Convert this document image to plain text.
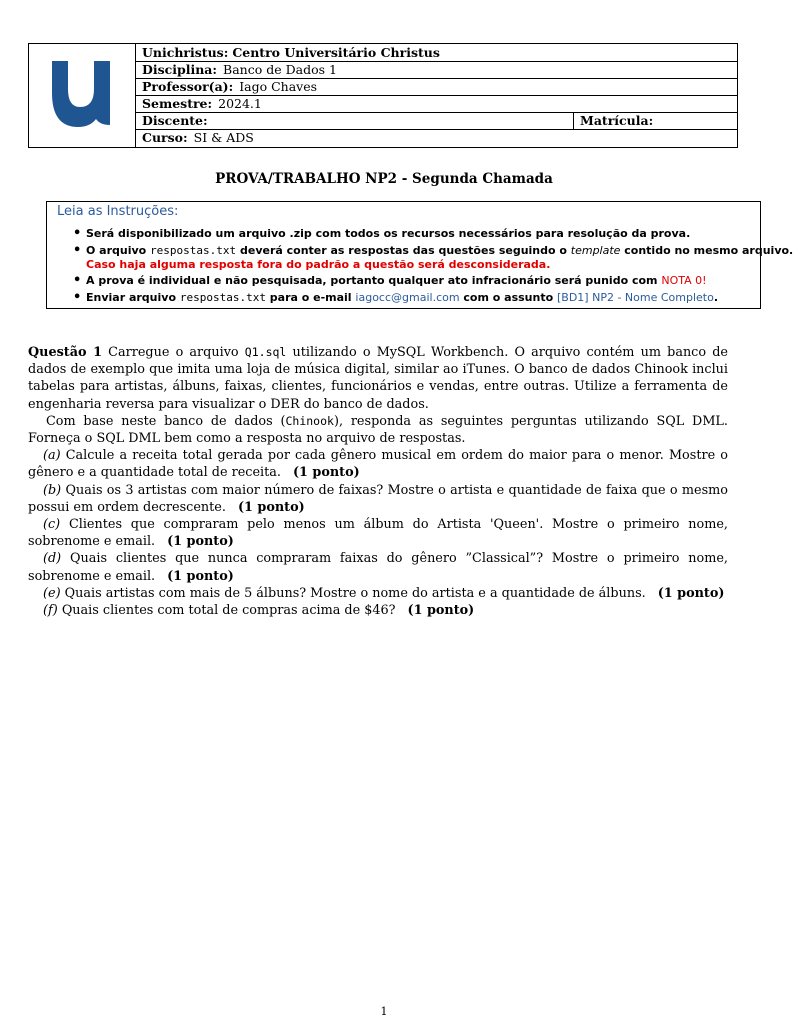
Unichristus: Centro Universitário Christus
Disciplina: Banco de Dados 1
Professor(a): Iago Chaves
Semestre: 2024.1
Discente:	Matrícula:
Curso: SI & ADS
PROVA/TRABALHO NP2 - Segunda Chamada
Leia as Instruções:
• Será disponibilizado um arquivo .zip com todos os recursos necessários para resolução da prova.
• O arquivo respostas.txt deverá conter as respostas das questões seguindo o template contido no mesmo arquivo.
Caso haja alguma resposta fora do padrão a questão será desconsiderada.
• A prova é individual e não pesquisada, portanto qualquer ato infracionário será punido com NOTA 0!
• Enviar arquivo respostas.txt para o e-mail iagocc@gmail.com com o assunto [BD1] NP2 - Nome Completo.

Questão 1 Carregue o arquivo Q1.sql utilizando o MySQL Workbench. O arquivo contém um banco de dados de exemplo que imita uma loja de música digital, similar ao iTunes. O banco de dados Chinook inclui tabelas para artistas, álbuns, faixas, clientes, funcionários e vendas, entre outras. Utilize a ferramenta de engenharia reversa para visualizar o DER do banco de dados.

Com base neste banco de dados (Chinook), responda as seguintes perguntas utilizando SQL DML. Forneça o SQL DML bem como a resposta no arquivo de respostas.

(a) Calcule a receita total gerada por cada gênero musical em ordem do maior para o menor. Mostre o gênero e a quantidade total de receita. (1 ponto)

(b) Quais os 3 artistas com maior número de faixas? Mostre o artista e quantidade de faixa que o mesmo possui em ordem decrescente. (1 ponto)

(c) Clientes que compraram pelo menos um álbum do Artista 'Queen'. Mostre o primeiro nome, sobrenome e email. (1 ponto)

(d) Quais clientes que nunca compraram faixas do gênero ”Classical”? Mostre o primeiro nome, sobrenome e email. (1 ponto)

(e) Quais artistas com mais de 5 álbuns? Mostre o nome do artista e a quantidade de álbuns. (1 ponto)

(f) Quais clientes com total de compras acima de $46? (1 ponto)

1
